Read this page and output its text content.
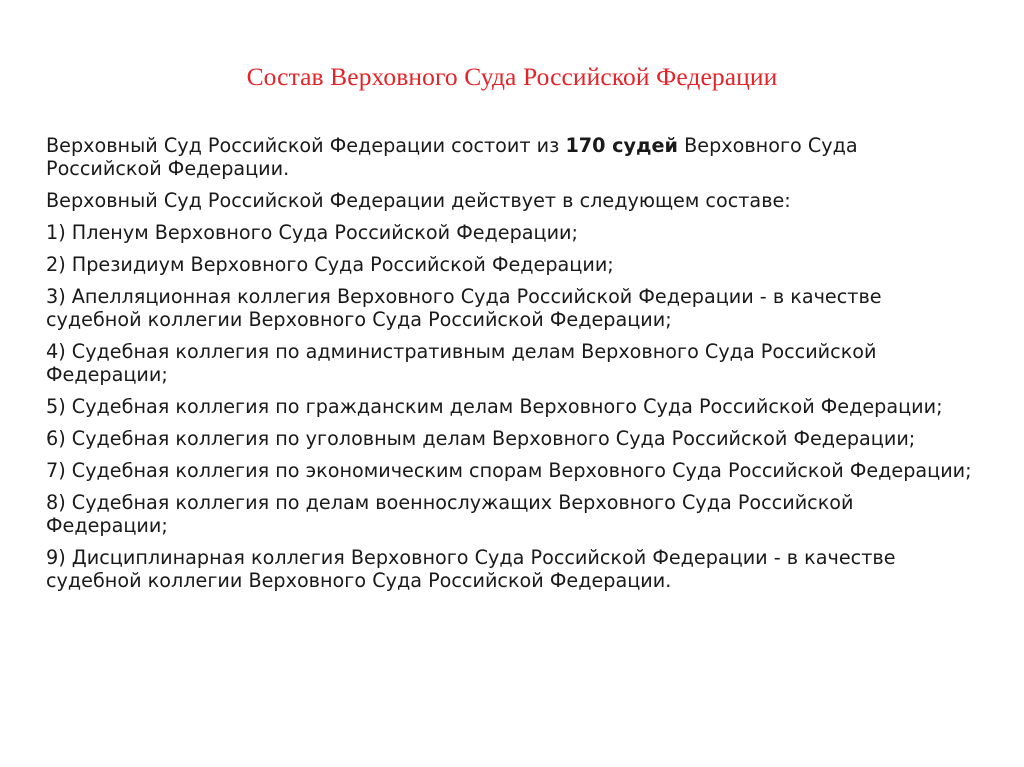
Состав Верховного Суда Российской Федерации

Верховный Суд Российской Федерации состоит из 170 судей Верховного Суда Российской Федерации.

Верховный Суд Российской Федерации действует в следующем составе:

1) Пленум Верховного Суда Российской Федерации;
2) Президиум Верховного Суда Российской Федерации;
3) Апелляционная коллегия Верховного Суда Российской Федерации - в качестве судебной коллегии Верховного Суда Российской Федерации;
4) Судебная коллегия по административным делам Верховного Суда Российской Федерации;
5) Судебная коллегия по гражданским делам Верховного Суда Российской Федерации;
6) Судебная коллегия по уголовным делам Верховного Суда Российской Федерации;
7) Судебная коллегия по экономическим спорам Верховного Суда Российской Федерации;
8) Судебная коллегия по делам военнослужащих Верховного Суда Российской Федерации;
9) Дисциплинарная коллегия Верховного Суда Российской Федерации - в качестве судебной коллегии Верховного Суда Российской Федерации.
